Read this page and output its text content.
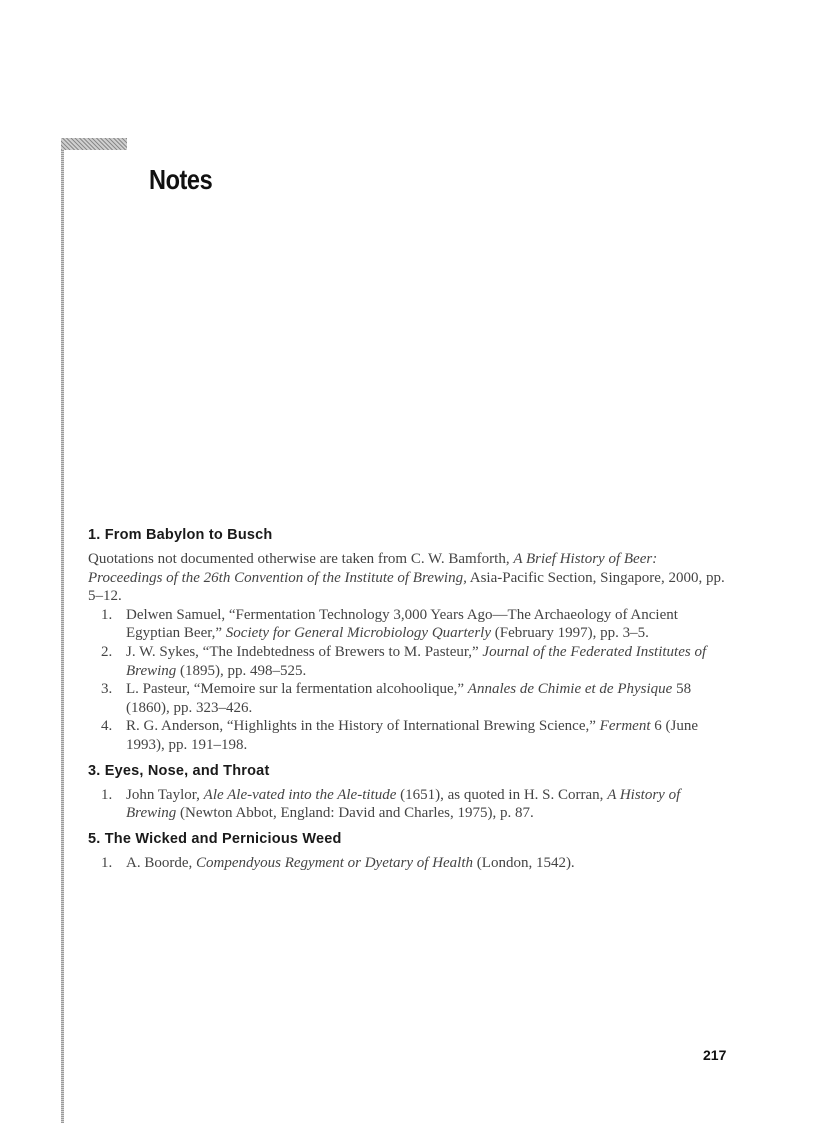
Notes
1. From Babylon to Busch

Quotations not documented otherwise are taken from C. W. Bamforth, A Brief History of Beer: Proceedings of the 26th Convention of the Institute of Brewing, Asia-Pacific Section, Singapore, 2000, pp. 5–12.

1. Delwen Samuel, “Fermentation Technology 3,000 Years Ago—The Archaeology of Ancient Egyptian Beer,” Society for General Microbiology Quarterly (February 1997), pp. 3–5.
2. J. W. Sykes, “The Indebtedness of Brewers to M. Pasteur,” Journal of the Federated Institutes of Brewing (1895), pp. 498–525.
3. L. Pasteur, “Memoire sur la fermentation alcohoolique,” Annales de Chimie et de Physique 58 (1860), pp. 323–426.
4. R. G. Anderson, “Highlights in the History of International Brewing Science,” Ferment 6 (June 1993), pp. 191–198.
3. Eyes, Nose, and Throat
1. John Taylor, Ale Ale-vated into the Ale-titude (1651), as quoted in H. S. Corran, A History of Brewing (Newton Abbot, England: David and Charles, 1975), p. 87.
5. The Wicked and Pernicious Weed
1. A. Boorde, Compendyous Regyment or Dyetary of Health (London, 1542).
217
